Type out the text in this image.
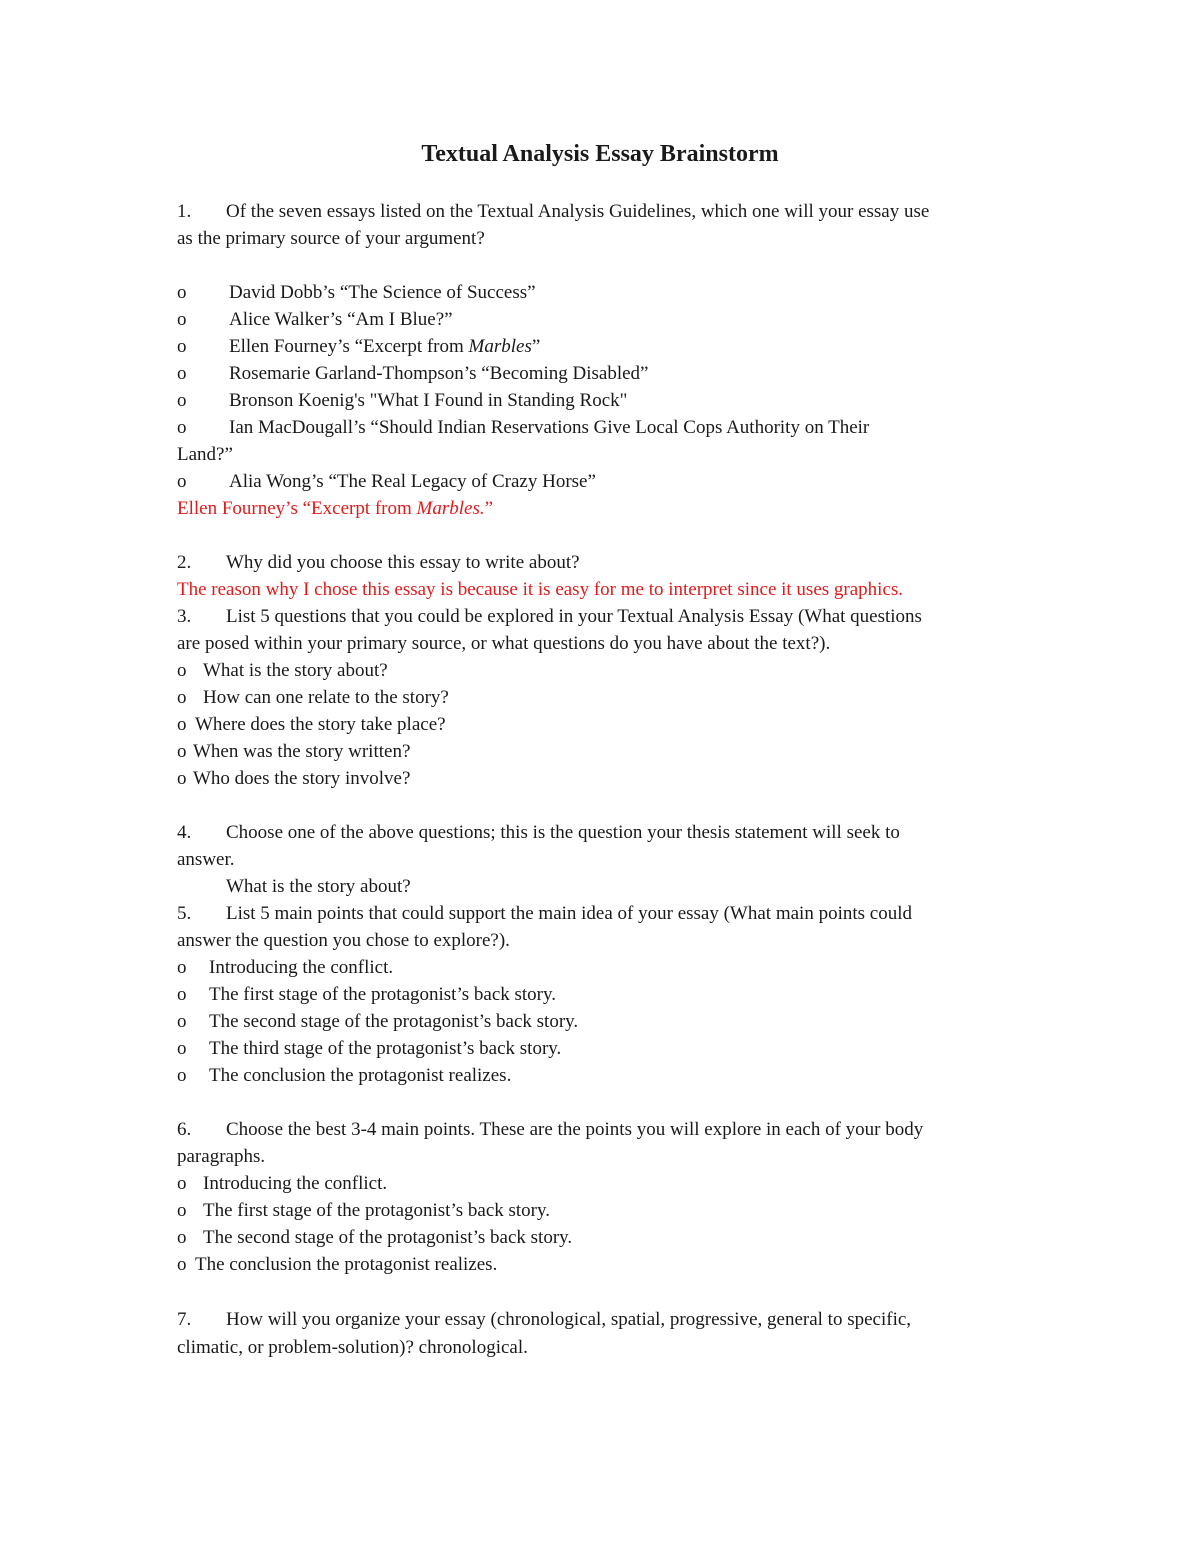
Textual Analysis Essay Brainstorm
1. Of the seven essays listed on the Textual Analysis Guidelines, which one will your essay use
as the primary source of your argument?
o David Dobb’s “The Science of Success”
o Alice Walker’s “Am I Blue?”
o Ellen Fourney’s “Excerpt from Marbles”
o Rosemarie Garland-Thompson’s “Becoming Disabled”
o Bronson Koenig's "What I Found in Standing Rock"
o Ian MacDougall’s “Should Indian Reservations Give Local Cops Authority on Their
Land?”
o Alia Wong’s “The Real Legacy of Crazy Horse”
Ellen Fourney’s “Excerpt from Marbles.”
2. Why did you choose this essay to write about?
The reason why I chose this essay is because it is easy for me to interpret since it uses graphics.
3. List 5 questions that you could be explored in your Textual Analysis Essay (What questions
are posed within your primary source, or what questions do you have about the text?).
o What is the story about?
o How can one relate to the story?
o Where does the story take place?
o When was the story written?
o Who does the story involve?
4. Choose one of the above questions; this is the question your thesis statement will seek to
answer.
What is the story about?
5. List 5 main points that could support the main idea of your essay (What main points could
answer the question you chose to explore?).
o Introducing the conflict.
o The first stage of the protagonist’s back story.
o The second stage of the protagonist’s back story.
o The third stage of the protagonist’s back story.
o The conclusion the protagonist realizes.
6. Choose the best 3-4 main points. These are the points you will explore in each of your body
paragraphs.
o Introducing the conflict.
o The first stage of the protagonist’s back story.
o The second stage of the protagonist’s back story.
o The conclusion the protagonist realizes.
7. How will you organize your essay (chronological, spatial, progressive, general to specific,
climatic, or problem-solution)? chronological.
